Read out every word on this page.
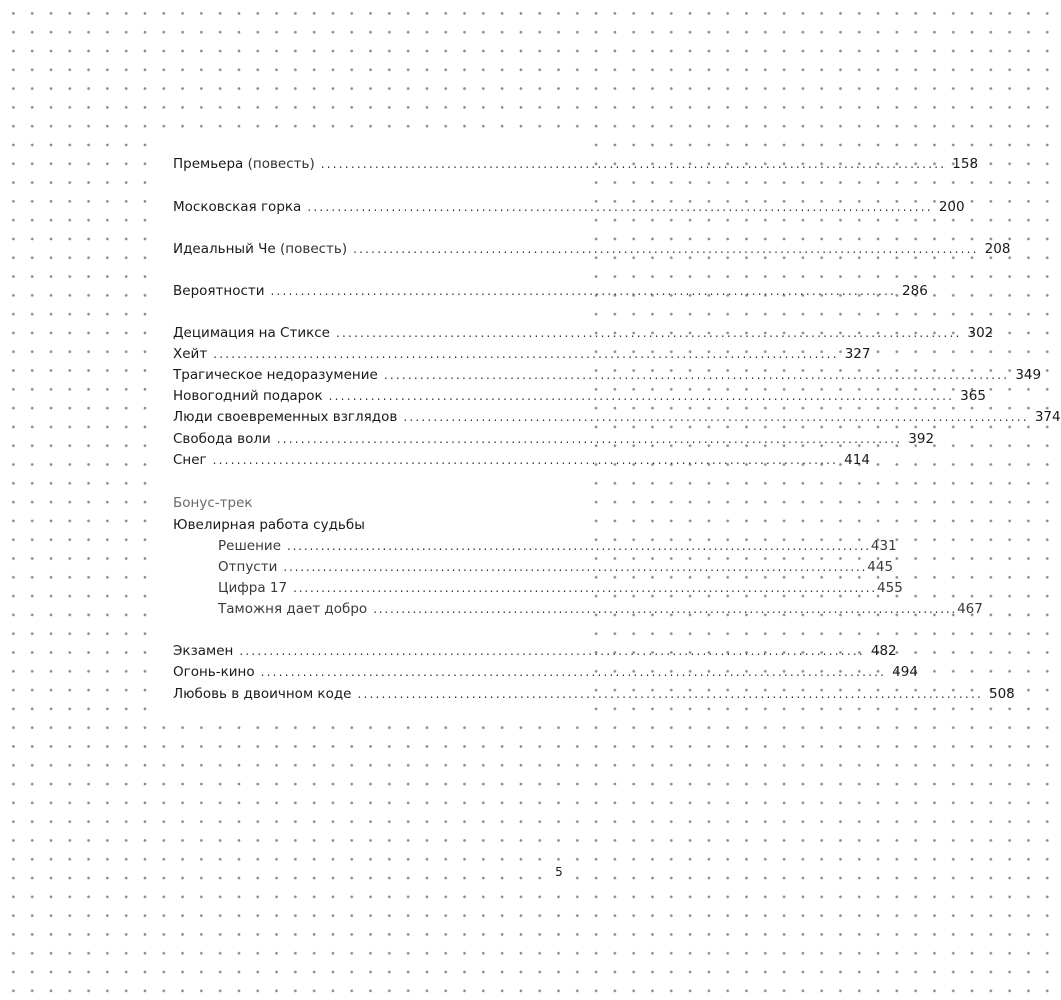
Премьера (повесть) ........................................................................................................ 158
Московская горка ........................................................................................................ 200
Идеальный Че (повесть) ........................................................................................................ 208
Вероятности ........................................................................................................ 286
Децимация на Стиксе ........................................................................................................ 302
Хейт ........................................................................................................ 327
Трагическое недоразумение ........................................................................................................ 349
Новогодний подарок ........................................................................................................ 365
Люди своевременных взглядов ........................................................................................................ 374
Свобода воли ........................................................................................................ 392
Снег ........................................................................................................ 414
Бонус-трек
Ювелирная работа судьбы
Решение ........................................................................................................ 431
Отпусти ........................................................................................................ 445
Цифра 17 ........................................................................................................ 455
Таможня дает добро ........................................................................................................ 467
Экзамен ........................................................................................................ 482
Огонь-кино ........................................................................................................ 494
Любовь в двоичном коде ........................................................................................................ 508
5
